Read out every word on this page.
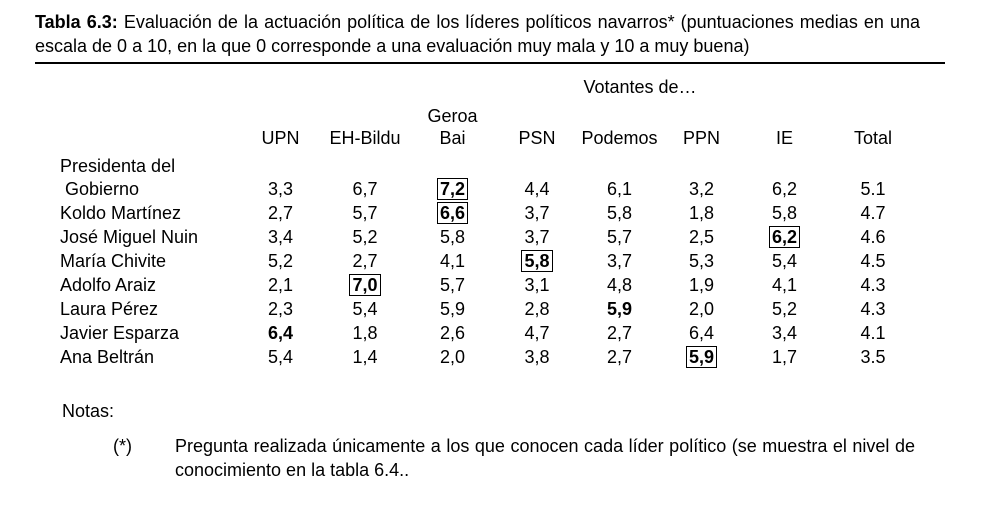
Tabla 6.3: Evaluación de la actuación política de los líderes políticos navarros* (puntuaciones medias en una escala de 0 a 10, en la que 0 corresponde a una evaluación muy mala y 10 a muy buena)

Votantes de…
	UPN	EH-Bildu	Geroa Bai	PSN	Podemos	PPN	IE	Total

Presidenta del
Gobierno	3,3	6,7	7,2	4,4	6,1	3,2	6,2	5.1
Koldo Martínez	2,7	5,7	6,6	3,7	5,8	1,8	5,8	4.7
José Miguel Nuin	3,4	5,2	5,8	3,7	5,7	2,5	6,2	4.6
María Chivite	5,2	2,7	4,1	5,8	3,7	5,3	5,4	4.5
Adolfo Araiz	2,1	7,0	5,7	3,1	4,8	1,9	4,1	4.3
Laura Pérez	2,3	5,4	5,9	2,8	5,9	2,0	5,2	4.3
Javier Esparza	6,4	1,8	2,6	4,7	2,7	6,4	3,4	4.1
Ana Beltrán	5,4	1,4	2,0	3,8	2,7	5,9	1,7	3.5
Notas:
(*)	Pregunta realizada únicamente a los que conocen cada líder político (se muestra el nivel de conocimiento en la tabla 6.4..
